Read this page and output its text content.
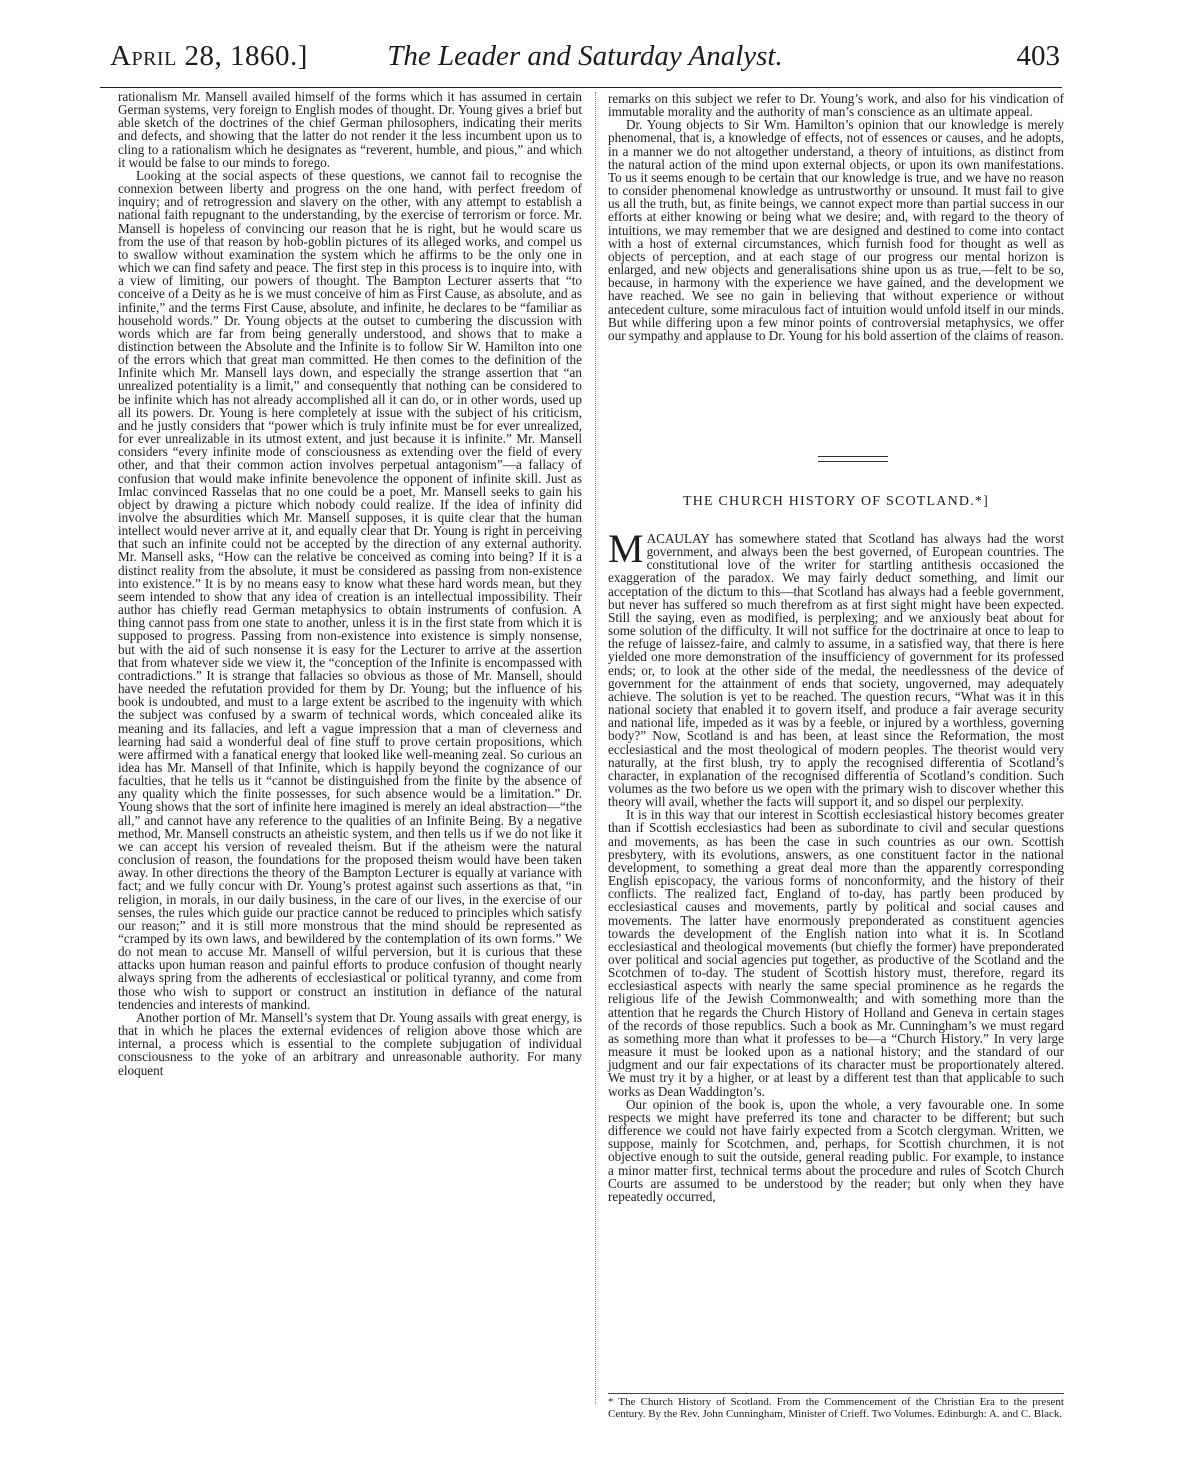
April 28, 1860.]	The Leader and Saturday Analyst.	403

rationalism Mr. Mansell availed himself of the forms which it has assumed in certain German systems, very foreign to English modes of thought. Dr. Young gives a brief but able sketch of the doctrines of the chief German philosophers, indicating their merits and defects, and showing that the latter do not render it the less incumbent upon us to cling to a rationalism which he designates as “reverent, humble, and pious,” and which it would be false to our minds to forego.

Looking at the social aspects of these questions, we cannot fail to recognise the connexion between liberty and progress on the one hand, with perfect freedom of inquiry; and of retrogression and slavery on the other, with any attempt to establish a national faith repugnant to the understanding, by the exercise of terrorism or force. Mr. Mansell is hopeless of convincing our reason that he is right, but he would scare us from the use of that reason by hob-goblin pictures of its alleged works, and compel us to swallow without examination the system which he affirms to be the only one in which we can find safety and peace. The first step in this process is to inquire into, with a view of limiting, our powers of thought. The Bampton Lecturer asserts that “to conceive of a Deity as he is we must conceive of him as First Cause, as absolute, and as infinite,” and the terms First Cause, absolute, and infinite, he declares to be “familiar as household words.” Dr. Young objects at the outset to cumbering the discussion with words which are far from being generally understood, and shows that to make a distinction between the Absolute and the Infinite is to follow Sir W. Hamilton into one of the errors which that great man committed. He then comes to the definition of the Infinite which Mr. Mansell lays down, and especially the strange assertion that “an unrealized potentiality is a limit,” and consequently that nothing can be considered to be infinite which has not already accomplished all it can do, or in other words, used up all its powers. Dr. Young is here completely at issue with the subject of his criticism, and he justly considers that “power which is truly infinite must be for ever unrealized, for ever unrealizable in its utmost extent, and just because it is infinite.” Mr. Mansell considers “every infinite mode of consciousness as extending over the field of every other, and that their common action involves perpetual antagonism”—a fallacy of confusion that would make infinite benevolence the opponent of infinite skill. Just as Imlac convinced Rasselas that no one could be a poet, Mr. Mansell seeks to gain his object by drawing a picture which nobody could realize. If the idea of infinity did involve the absurdities which Mr. Mansell supposes, it is quite clear that the human intellect would never arrive at it, and equally clear that Dr. Young is right in perceiving that such an infinite could not be accepted by the direction of any external authority. Mr. Mansell asks, “How can the relative be conceived as coming into being? If it is a distinct reality from the absolute, it must be considered as passing from non-existence into existence.” It is by no means easy to know what these hard words mean, but they seem intended to show that any idea of creation is an intellectual impossibility. Their author has chiefly read German metaphysics to obtain instruments of confusion. A thing cannot pass from one state to another, unless it is in the first state from which it is supposed to progress. Passing from non-existence into existence is simply nonsense, but with the aid of such nonsense it is easy for the Lecturer to arrive at the assertion that from whatever side we view it, the “conception of the Infinite is encompassed with contradictions.” It is strange that fallacies so obvious as those of Mr. Mansell, should have needed the refutation provided for them by Dr. Young; but the influence of his book is undoubted, and must to a large extent be ascribed to the ingenuity with which the subject was confused by a swarm of technical words, which concealed alike its meaning and its fallacies, and left a vague impression that a man of cleverness and learning had said a wonderful deal of fine stuff to prove certain propositions, which were affirmed with a fanatical energy that looked like well-meaning zeal. So curious an idea has Mr. Mansell of that Infinite, which is happily beyond the cognizance of our faculties, that he tells us it “cannot be distinguished from the finite by the absence of any quality which the finite possesses, for such absence would be a limitation.” Dr. Young shows that the sort of infinite here imagined is merely an ideal abstraction—“the all,” and cannot have any reference to the qualities of an Infinite Being. By a negative method, Mr. Mansell constructs an atheistic system, and then tells us if we do not like it we can accept his version of revealed theism. But if the atheism were the natural conclusion of reason, the foundations for the proposed theism would have been taken away. In other directions the theory of the Bampton Lecturer is equally at variance with fact; and we fully concur with Dr. Young’s protest against such assertions as that, “in religion, in morals, in our daily business, in the care of our lives, in the exercise of our senses, the rules which guide our practice cannot be reduced to principles which satisfy our reason;” and it is still more monstrous that the mind should be represented as “cramped by its own laws, and bewildered by the contemplation of its own forms.” We do not mean to accuse Mr. Mansell of wilful perversion, but it is curious that these attacks upon human reason and painful efforts to produce confusion of thought nearly always spring from the adherents of ecclesiastical or political tyranny, and come from those who wish to support or construct an institution in defiance of the natural tendencies and interests of mankind.

Another portion of Mr. Mansell’s system that Dr. Young assails with great energy, is that in which he places the external evidences of religion above those which are internal, a process which is essential to the complete subjugation of individual consciousness to the yoke of an arbitrary and unreasonable authority. For many eloquent

remarks on this subject we refer to Dr. Young’s work, and also for his vindication of immutable morality and the authority of man’s conscience as an ultimate appeal.

Dr. Young objects to Sir Wm. Hamilton’s opinion that our knowledge is merely phenomenal, that is, a knowledge of effects, not of essences or causes, and he adopts, in a manner we do not altogether understand, a theory of intuitions, as distinct from the natural action of the mind upon external objects, or upon its own manifestations. To us it seems enough to be certain that our knowledge is true, and we have no reason to consider phenomenal knowledge as untrustworthy or unsound. It must fail to give us all the truth, but, as finite beings, we cannot expect more than partial success in our efforts at either knowing or being what we desire; and, with regard to the theory of intuitions, we may remember that we are designed and destined to come into contact with a host of external circumstances, which furnish food for thought as well as objects of perception, and at each stage of our progress our mental horizon is enlarged, and new objects and generalisations shine upon us as true,—felt to be so, because, in harmony with the experience we have gained, and the development we have reached. We see no gain in believing that without experience or without antecedent culture, some miraculous fact of intuition would unfold itself in our minds. But while differing upon a few minor points of controversial metaphysics, we offer our sympathy and applause to Dr. Young for his bold assertion of the claims of reason.

THE CHURCH HISTORY OF SCOTLAND.*]

MACAULAY has somewhere stated that Scotland has always had the worst government, and always been the best governed, of European countries. The constitutional love of the writer for startling antithesis occasioned the exaggeration of the paradox. We may fairly deduct something, and limit our acceptation of the dictum to this—that Scotland has always had a feeble government, but never has suffered so much therefrom as at first sight might have been expected. Still the saying, even as modified, is perplexing; and we anxiously beat about for some solution of the difficulty. It will not suffice for the doctrinaire at once to leap to the refuge of laissez-faire, and calmly to assume, in a satisfied way, that there is here yielded one more demonstration of the insufficiency of government for its professed ends; or, to look at the other side of the medal, the needlessness of the device of government for the attainment of ends that society, ungoverned, may adequately achieve. The solution is yet to be reached. The question recurs, “What was it in this national society that enabled it to govern itself, and produce a fair average security and national life, impeded as it was by a feeble, or injured by a worthless, governing body?” Now, Scotland is and has been, at least since the Reformation, the most ecclesiastical and the most theological of modern peoples. The theorist would very naturally, at the first blush, try to apply the recognised differentia of Scotland’s character, in explanation of the recognised differentia of Scotland’s condition. Such volumes as the two before us we open with the primary wish to discover whether this theory will avail, whether the facts will support it, and so dispel our perplexity.

It is in this way that our interest in Scottish ecclesiastical history becomes greater than if Scottish ecclesiastics had been as subordinate to civil and secular questions and movements, as has been the case in such countries as our own. Scottish presbytery, with its evolutions, answers, as one constituent factor in the national development, to something a great deal more than the apparently corresponding English episcopacy, the various forms of nonconformity, and the history of their conflicts. The realized fact, England of to-day, has partly been produced by ecclesiastical causes and movements, partly by political and social causes and movements. The latter have enormously preponderated as constituent agencies towards the development of the English nation into what it is. In Scotland ecclesiastical and theological movements (but chiefly the former) have preponderated over political and social agencies put together, as productive of the Scotland and the Scotchmen of to-day. The student of Scottish history must, therefore, regard its ecclesiastical aspects with nearly the same special prominence as he regards the religious life of the Jewish Commonwealth; and with something more than the attention that he regards the Church History of Holland and Geneva in certain stages of the records of those republics. Such a book as Mr. Cunningham’s we must regard as something more than what it professes to be—a “Church History.” In very large measure it must be looked upon as a national history; and the standard of our judgment and our fair expectations of its character must be proportionately altered. We must try it by a higher, or at least by a different test than that applicable to such works as Dean Waddington’s.

Our opinion of the book is, upon the whole, a very favourable one. In some respects we might have preferred its tone and character to be different; but such difference we could not have fairly expected from a Scotch clergyman. Written, we suppose, mainly for Scotchmen, and, perhaps, for Scottish churchmen, it is not objective enough to suit the outside, general reading public. For example, to instance a minor matter first, technical terms about the procedure and rules of Scotch Church Courts are assumed to be understood by the reader; but only when they have repeatedly occurred,

* The Church History of Scotland. From the Commencement of the Christian Era to the present Century. By the Rev. John Cunningham, Minister of Crieff. Two Volumes. Edinburgh: A. and C. Black.
